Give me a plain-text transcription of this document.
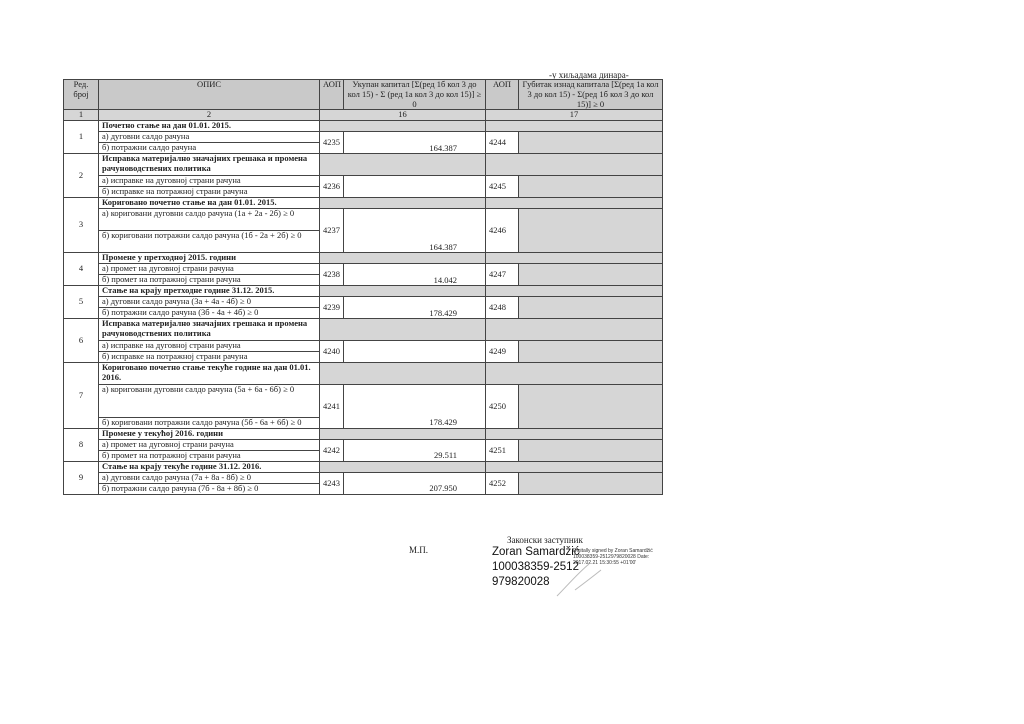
-у хиљадама динара-
Ред. број	ОПИС	АОП	Укупан капитал [Σ(ред 1б кол 3 до кол 15) - Σ (ред 1а кол 3 до кол 15)] ≥ 0	АОП	Губитак изнад капитала [Σ(ред 1а кол 3 до кол 15) - Σ(ред 1б кол 3 до кол 15)] ≥ 0
1	2	16		17	
1	Почетно стање на дан 01.01. 2015.				
	а) дуговни салдо рачуна	4235	164.387	4244	
	б) потражни салдо рачуна				
2	Исправка материјално значајних грешака и промена рачуноводствених политика				
	а) исправке на дуговној страни рачуна	4236		4245	
	б) исправке на потражној страни рачуна				
3	Кориговано почетно стање на дан 01.01. 2015.				
	а) кориговани дуговни салдо рачуна (1а + 2а - 2б) ≥ 0	4237	164.387	4246	
	б) кориговани потражни салдо рачуна (1б - 2а + 2б) ≥ 0				
4	Промене у претходној 2015. години				
	а) промет на дуговној страни рачуна	4238	14.042	4247	
	б) промет на потражној страни рачуна				
5	Стање на крају претходне године 31.12. 2015.				
	а) дуговни салдо рачуна (3а + 4а - 4б) ≥ 0	4239	178.429	4248	
	б) потражни салдо рачуна (3б - 4а + 4б) ≥ 0				
6	Исправка материјално значајних грешака и промена рачуноводствених политика				
	а) исправке на дуговној страни рачуна	4240		4249	
	б) исправке на потражној страни рачуна				
7	Кориговано почетно стање текуће године на дан 01.01. 2016.				
	а) кориговани дуговни салдо рачуна (5а + 6а - 6б) ≥ 0	4241	178.429	4250	
	б) кориговани потражни салдо рачуна (5б - 6а + 6б) ≥ 0				
8	Промене у текућој 2016. години				
	а) промет на дуговној страни рачуна	4242	29.511	4251	
	б) промет на потражној страни рачуна				
9	Стање на крају текуће године 31.12. 2016.				
	а) дуговни салдо рачуна (7а + 8а - 8б) ≥ 0	4243	207.950	4252	
	б) потражни салдо рачуна (7б - 8а + 8б) ≥ 0				
М.П.
Законски заступник
Zoran Samardžić
100038359-2512
979820028
Digitally signed by Zoran Samardžić 100038359-2512979820028 Date: 2017.02.21 15:30:55 +01'00'
